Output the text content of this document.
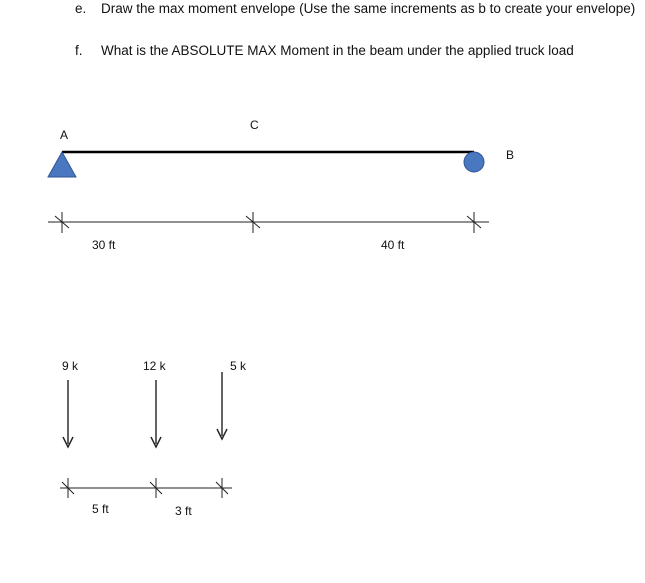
e. Draw the max moment envelope (Use the same increments as b to create your envelope)
f. What is the ABSOLUTE MAX Moment in the beam under the applied truck load
A
B
C
30 ft	40 ft
9 k	12 k	5 k
5 ft	3 ft
